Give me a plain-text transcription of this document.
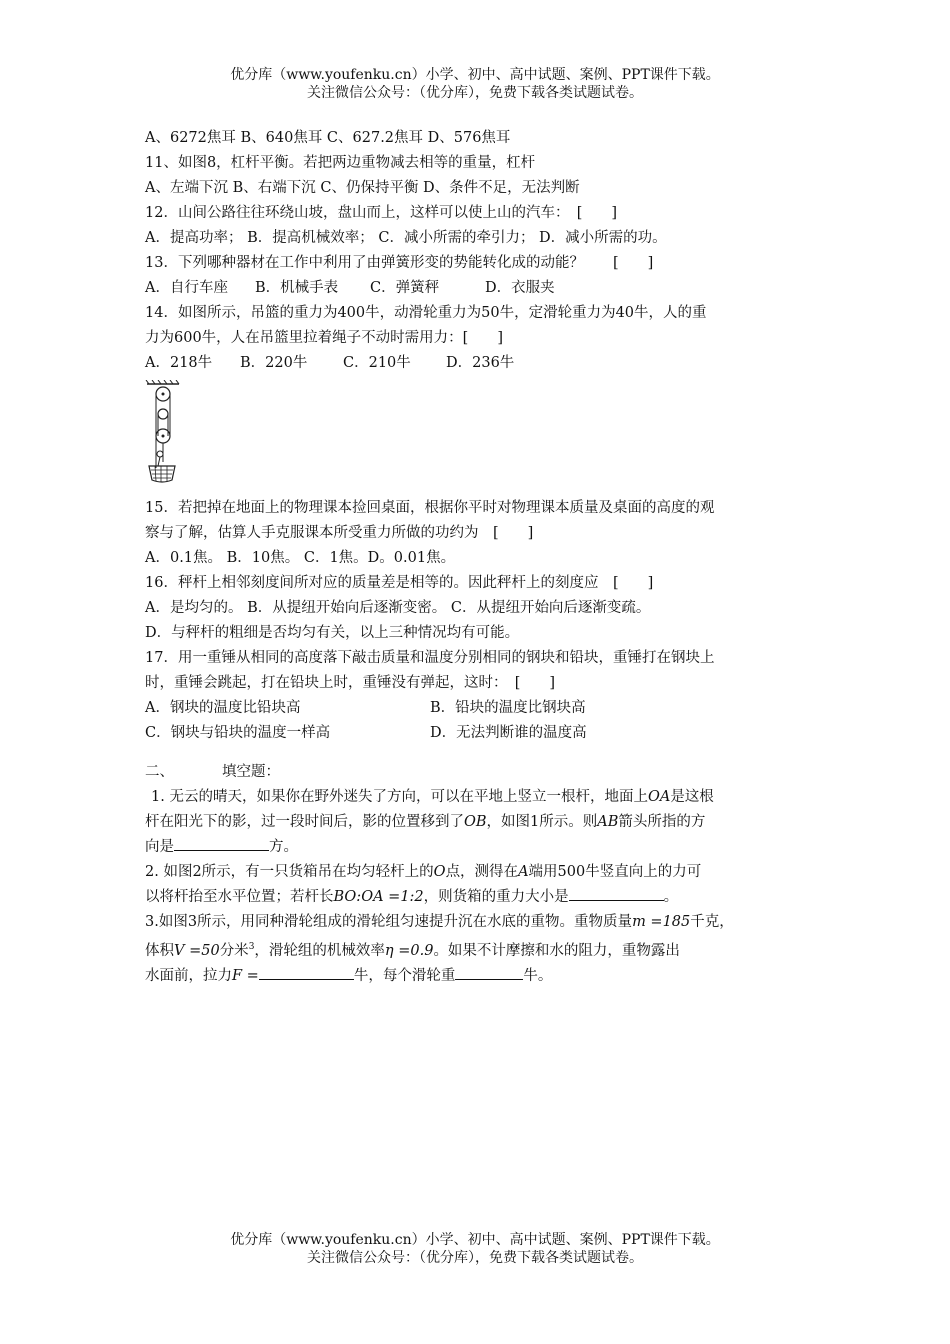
优分库（www.youfenku.cn）小学、初中、高中试题、案例、PPT课件下载。
关注微信公众号：（优分库），免费下载各类试题试卷。
A、6272焦耳 B、640焦耳 C、627.2焦耳 D、576焦耳
11、如图8，杠杆平衡。若把两边重物减去相等的重量，杠杆
A、左端下沉 B、右端下沉 C、仍保持平衡 D、条件不足，无法判断
12．山间公路往往环绕山坡，盘山而上，这样可以使上山的汽车：　[　　]
A．提高功率； B．提高机械效率； C．减小所需的牵引力； D．减小所需的功。
13．下列哪种器材在工作中利用了由弹簧形变的势能转化成的动能？　　[　　]
A．自行车座	B．机械手表	C．弹簧秤	D．衣服夹
14．如图所示，吊篮的重力为400牛，动滑轮重力为50牛，定滑轮重力为40牛，人的重
力为600牛，人在吊篮里拉着绳子不动时需用力：[　　]
A．218牛	B．220牛	C．210牛	D．236牛
15．若把掉在地面上的物理课本捡回桌面，根据你平时对物理课本质量及桌面的高度的观
察与了解，估算人手克服课本所受重力所做的功约为　[　　]
A．0.1焦。 B．10焦。 C．1焦。D。0.01焦。
16．秤杆上相邻刻度间所对应的质量差是相等的。因此秤杆上的刻度应　[　　]
A．是均匀的。 B．从提纽开始向后逐渐变密。 C．从提纽开始向后逐渐变疏。
D．与秤杆的粗细是否均匀有关，以上三种情况均有可能。
17．用一重锤从相同的高度落下敲击质量和温度分别相同的钢块和铅块，重锤打在钢块上
时，重锤会跳起，打在铅块上时，重锤没有弹起，这时：　[　　]
A．钢块的温度比铅块高	B．铅块的温度比钢块高
C．钢块与铅块的温度一样高	D．无法判断谁的温度高
二、	填空题：
1. 无云的晴天，如果你在野外迷失了方向，可以在平地上竖立一根杆，地面上OA是这根
杆在阳光下的影，过一段时间后，影的位置移到了OB，如图1所示。则AB箭头所指的方
向是	方。
2. 如图2所示，有一只货箱吊在均匀轻杆上的O点，测得在A端用500牛竖直向上的力可
以将杆抬至水平位置；若杆长BO:OA =1:2，则货箱的重力大小是	。
3.如图3所示，用同种滑轮组成的滑轮组匀速提升沉在水底的重物。重物质量m =185千克，
体积V =50分米$^3$，滑轮组的机械效率η =0.9。如果不计摩擦和水的阻力，重物露出
水面前，拉力F =	牛，每个滑轮重	牛。
优分库（www.youfenku.cn）小学、初中、高中试题、案例、PPT课件下载。
关注微信公众号：（优分库），免费下载各类试题试卷。
